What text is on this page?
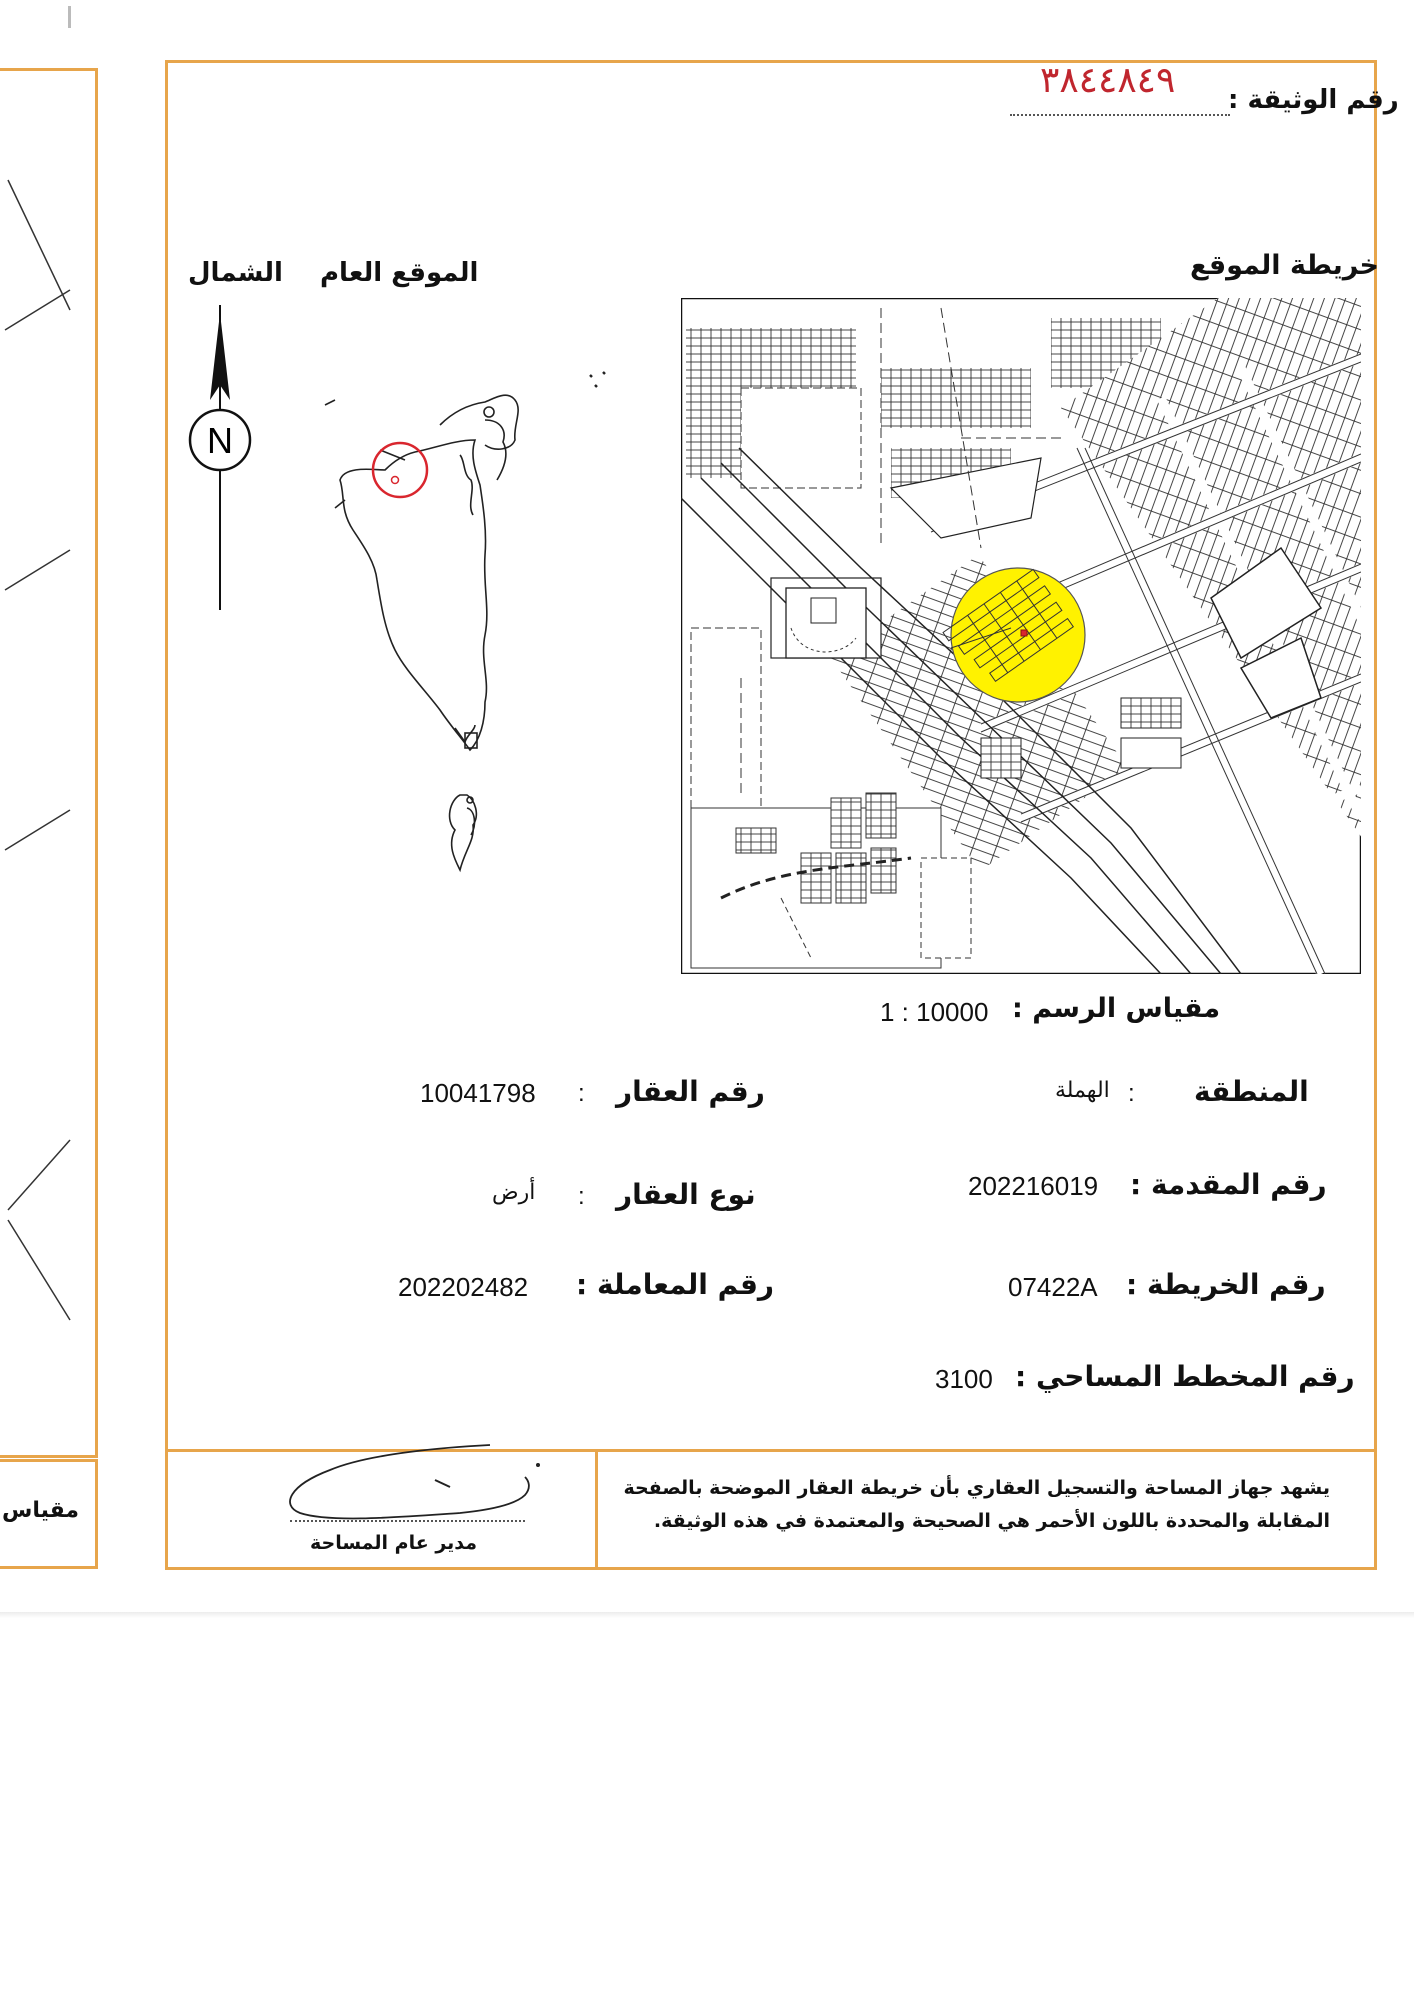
مقياس
رقم الوثيقة :
٣٨٤٤٨٤٩
خريطة الموقع
الموقع العام
الشمال
N
مقياس الرسم :
1 : 10000
المنطقة
:
الهملة
رقم العقار
:
10041798
رقم المقدمة :
202216019
نوع العقار
:
أرض
رقم الخريطة :
07422A
رقم المعاملة :
202202482
رقم المخطط المساحي :
3100
يشهد جهاز المساحة والتسجيل العقاري بأن خريطة العقار الموضحة بالصفحة
المقابلة والمحددة باللون الأحمر هي الصحيحة والمعتمدة في هذه الوثيقة.
مدير عام المساحة
